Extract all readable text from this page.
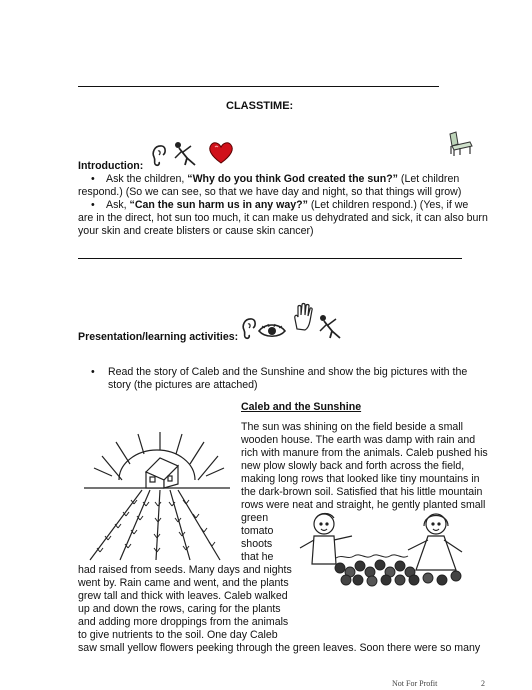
CLASSTIME:
Introduction:
• Ask the children, “Why do you think God created the sun?” (Let children
respond.) (So we can see, so that we have day and night, so that things will grow)
• Ask, “Can the sun harm us in any way?” (Let children respond.) (Yes, if we
are in the direct, hot sun too much, it can make us dehydrated and sick, it can also burn
your skin and create blisters or cause skin cancer)
Presentation/learning activities:
• Read the story of Caleb and the Sunshine and show the big pictures with the
story (the pictures are attached)
Caleb and the Sunshine
The sun was shining on the field beside a small
wooden house. The earth was damp with rain and
rich with manure from the animals. Caleb pushed his
new plow slowly back and forth across the field,
making long rows that looked like tiny mountains in
the dark-brown soil. Satisfied that his little mountain
rows were neat and straight, he gently planted small
green
tomato
shoots
that he
had raised from seeds. Many days and nights
went by. Rain came and went, and the plants
grew tall and thick with leaves. Caleb walked
up and down the rows, caring for the plants
and adding more droppings from the animals
to give nutrients to the soil. One day Caleb
saw small yellow flowers peeking through the green leaves. Soon there were so many
Not For Profit	2
